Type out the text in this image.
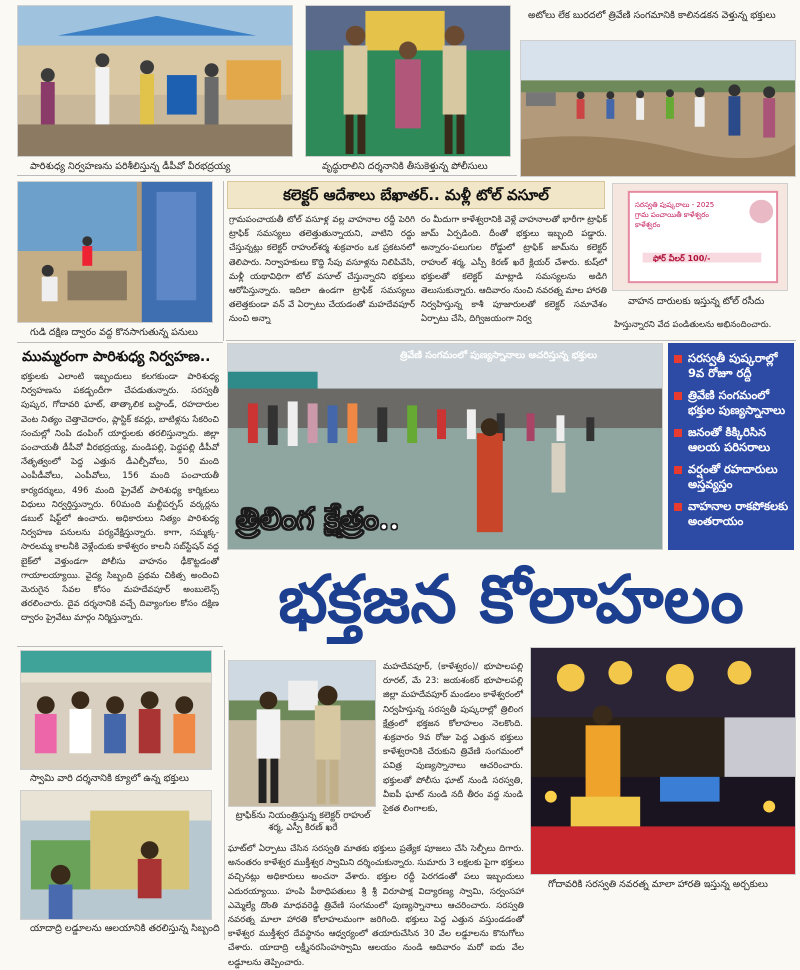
పారిశుధ్య నిర్వహణను పరిశీలిస్తున్న డీపీవో వీరభద్రయ్య	వృద్ధురాలిని దర్శనానికి తీసుకెళ్తున్న పోలీసులు
అటోలు లేక బురదలో త్రివేణి సంగమానికి కాలినడకన వెళ్తున్న భక్తులు
గుడి దక్షిణ ద్వారం వద్ద కొనసాగుతున్న పనులు
కలెక్టర్ ఆదేశాలు బేఖాతర్.. మళ్లీ టోల్ వసూల్
గ్రామపంచాయతీ టోల్ వసూళ్ల వల్ల వాహనాల రద్దీ పెరిగి ట్రాఫిక్ సమస్యలు తలెత్తుతున్నాయని, వాటిని రద్దు చేస్తున్నట్లు కలెక్టర్ రాహుల్‌శర్మ శుక్రవారం ఒక ప్రకటనలో తెలిపారు. నిర్వాహకులు కొద్ది సేపు వసూళ్లను నిలిపివేసి, మళ్లీ యథావిధిగా టోల్ వసూల్ చేస్తున్నారని భక్తులు ఆరోపిస్తున్నారు. ఇదిలా ఉండగా ట్రాఫిక్ సమస్యలు తలెత్తకుండా వన్ వే ఏర్పాటు చేయడంతో మహదేవపూర్ నుంచి అన్నా
రం మీదుగా కాళేశ్వరానికి వెళ్లే వాహనాలతో భారీగా ట్రాఫిక్ జామ్ ఏర్పడింది. దీంతో భక్తులు ఇబ్బంది పడ్డారు. అన్నారం-పలుగుల రోడ్డులో ట్రాఫిక్ జామ్‌ను కలెక్టర్ రాహుల్ శర్మ, ఎస్పీ కిరణ్ ఖరే క్లియర్ చేశారు. కుష్‌లో భక్తులతో కలెక్టర్ మాట్లాడి సమస్యలను అడిగి తెలుసుకున్నారు. ఆదివారం నుంచి నవరత్న మాల హారతి నిర్వహిస్తున్న కాశీ పూజారులతో కలెక్టర్ సమావేశం ఏర్పాటు చేసి, దిగ్విజయంగా నిర్వ
సరస్వతి పుష్కరాలు - 2025
గ్రామ పంచాయితీ కాళేశ్వరం
కాళేశ్వరం
ఫోర్ వీలర్ 100/-
వాహన దారులకు ఇస్తున్న టోల్ రసీదు
హిస్తున్నారని వేద పండితులను అభినందించారు.
ముమ్మరంగా పారిశుధ్య నిర్వహణ..
భక్తులకు ఎలాంటి ఇబ్బందులు కలగకుండా పారిశుధ్య నిర్వహణను పకడ్బందీగా చేపడుతున్నారు. సరస్వతీ పుష్కర, గోదావరి ఘాట్, తాత్కాలిక బస్టాండ్, రహదారుల వెంట నిత్యం చెత్తాచెదారం, ప్లాస్టిక్ కవర్లు, బాటిళ్లను సేకరించి సంచుల్లో నింపి డంపింగ్ యార్డులకు తరలిస్తున్నారు. జిల్లా పంచాయతీ డీపీవో వీరభద్రయ్య, మండిపల్లి, పెద్దపల్లి డీపీవో నేతృత్వంలో పెద్ద ఎత్తున డీఎల్పీవోలు, 50 మంది ఎంపీడీవోలు, ఎంపీవోలు, 156 మంది పంచాయతీ కార్యదర్శులు, 496 మంది ప్రైవేట్ పారిశుధ్య కార్మికులు విధులు నిర్వర్తిస్తున్నారు. 60మంది మల్టీపర్పస్ వర్కర్లను డబుల్ షిఫ్ట్‌లో ఉంచారు. అధికారులు నిత్యం పారిశుధ్య నిర్వహణ పనులను పర్యవేక్షిస్తున్నారు. కాగా, సమ్మక్క-సారలమ్మ కాలనీకి వెళ్లేందుకు కాళేశ్వరం కాలనీ సబ్‌స్టేషన్ వద్ద బైక్‌లో వెళ్తుండగా పోలీసు వాహనం ఢీకొట్టడంతో గాయాలయ్యాయి. వైద్య సిబ్బంది ప్రథమ చికిత్స అందించి మెరుగైన సేవల కోసం మహదేవపూర్ అంబులెన్స్ తరలించారు. దైవ దర్శనానికి వచ్చే దివ్యాంగుల కోసం దక్షిణ ద్వారం ప్రైవేటు మార్గం నిర్మిస్తున్నారు.
త్రివేణి సంగమంలో పుణ్యస్నానాలు ఆచరిస్తున్న భక్తులు
త్రిలింగ క్షేత్రం..
సరస్వతీ పుష్కరాల్లో 9వ రోజూ రద్దీ
త్రివేణి సంగమంలో భక్తుల పుణ్యస్నానాలు
జనంతో కిక్కిరిసిన ఆలయ పరిసరాలు
వర్షంతో రహదారులు అస్తవ్యస్తం
వాహనాల రాకపోకలకు అంతరాయం
భక్తజన కోలాహలం
స్వామి వారి దర్శనానికి క్యూలో ఉన్న భక్తులు
యాదాద్రి లడ్డూలను ఆలయానికి తరలిస్తున్న సిబ్బంది
ట్రాఫిక్‌ను నియంత్రిస్తున్న కలెక్టర్ రాహుల్ శర్మ, ఎస్పీ కిరణ్ ఖరే
మహదేవపూర్, (కాళేశ్వరం)/ భూపాలపల్లి రూరల్, మే 23: జయశంకర్ భూపాలపల్లి జిల్లా మహదేవపూర్ మండలం కాళేశ్వరంలో నిర్వహిస్తున్న సరస్వతీ పుష్కరాల్లో త్రిలింగ క్షేత్రంలో భక్తజన కోలాహలం నెలకొంది. శుక్రవారం 9వ రోజు పెద్ద ఎత్తున భక్తులు కాళేశ్వరానికి చేరుకుని త్రివేణి సంగమంలో పవిత్ర పుణ్యస్నానాలు ఆచరించారు. భక్తులతో పోలీసు ఘాట్‌ నుండి సరస్వతి, వీఐపీ ఘాట్ నుండి నదీ తీరం వద్ద నుండి సైకత లింగాలకు,
గోదావరికి సరస్వతి నవరత్న మాలా హారతి ఇస్తున్న అర్చకులు
ఘాట్‌లో ఏర్పాటు చేసిన సరస్వతి మాతకు భక్తులు ప్రత్యేక పూజలు చేసి సెల్ఫీలు దిగారు. అనంతరం కాళేశ్వర ముక్తీశ్వర స్వామిని దర్శించుకున్నారు. సుమారు 3 లక్షలకు పైగా భక్తులు వచ్చినట్లు అధికారులు అంచనా వేశారు. భక్తుల రద్దీ పెరగడంతో పలు ఇబ్బందులు ఎదురయ్యాయి. హంపి పీఠాధిపతులు శ్రీ శ్రీ విరూపాక్ష విద్యారణ్య స్వామి, సర్వంసహా ఎమ్మెల్యే దొంతి మాధవరెడ్డి త్రివేణి సంగమంలో పుణ్యస్నానాలు ఆచరించారు. సరస్వతి నవరత్న మాలా హారతి కోలాహలమంగా జరిగింది. భక్తులు పెద్ద ఎత్తున వస్తుండడంతో కాళేశ్వర ముక్తీశ్వర దేవస్థానం ఆధ్వర్యంలో తయారుచేసిన 30 వేల లడ్డూలను కొనుగోలు చేశారు. యాదాద్రి లక్ష్మీనరసింహస్వామి ఆలయం నుండి ఆదివారం మరో ఐదు వేల లడ్డూలను తెప్పించారు.
